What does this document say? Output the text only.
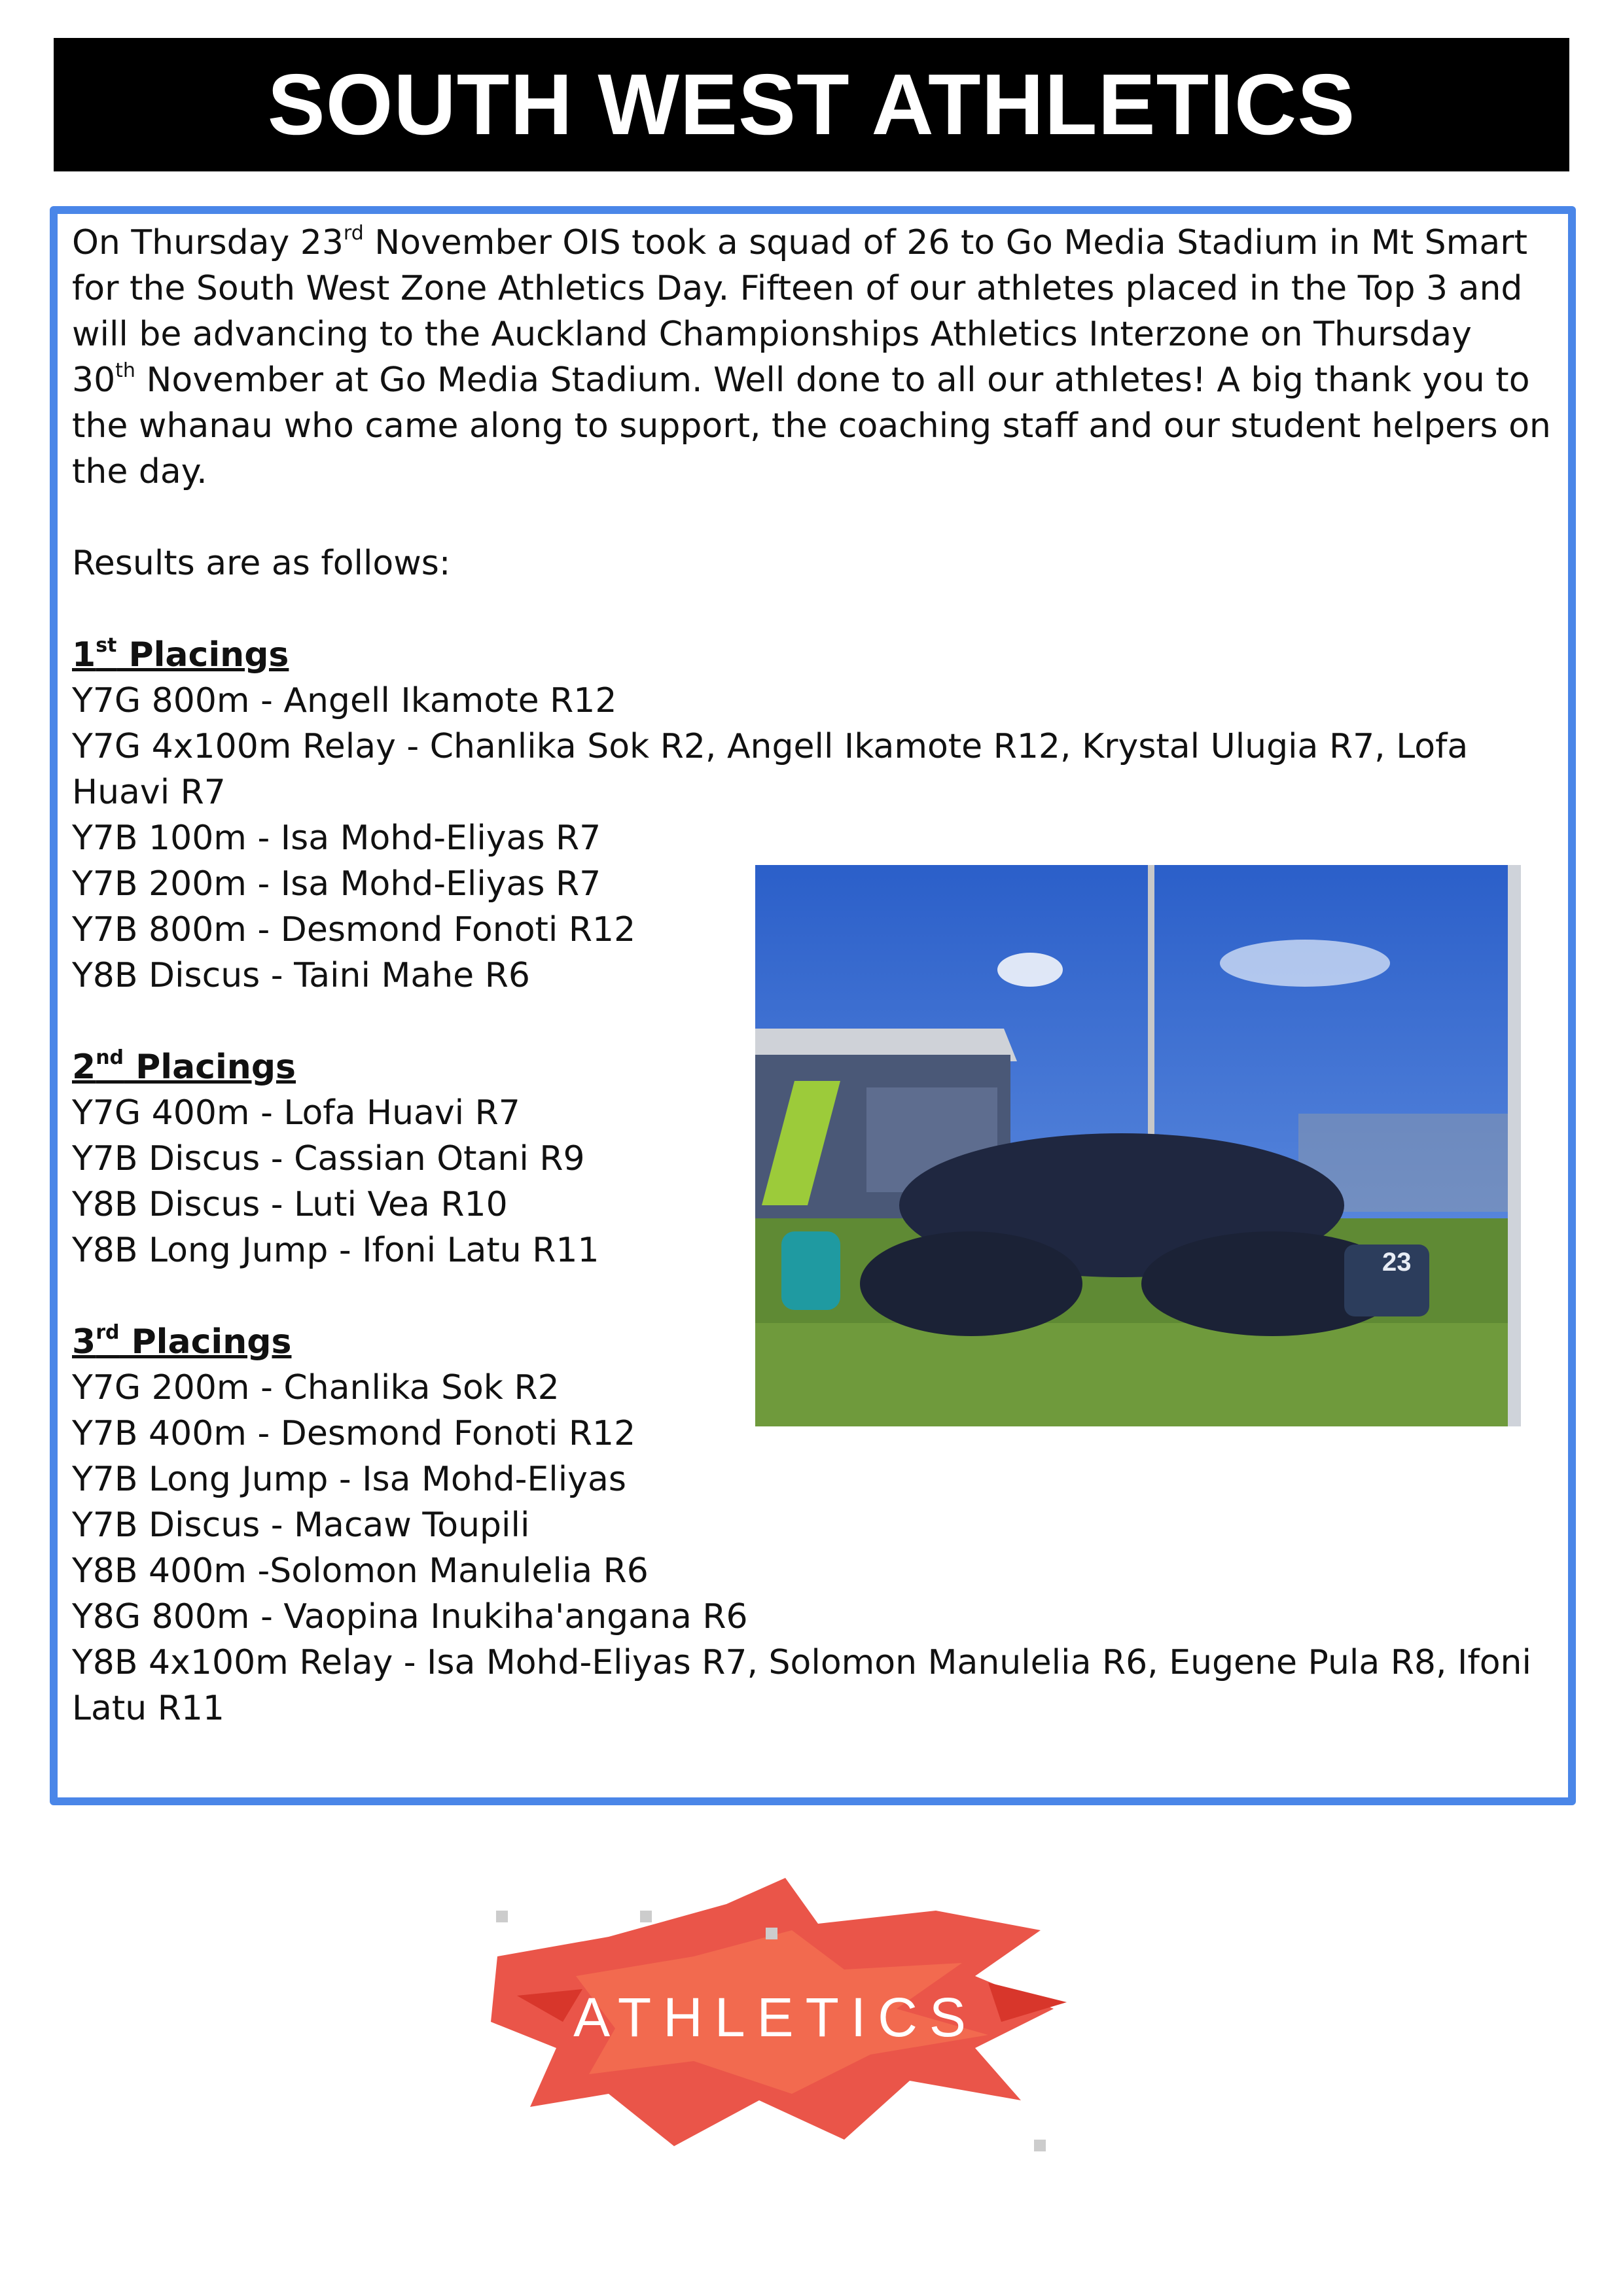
SOUTH WEST ATHLETICS

On Thursday 23rd November OIS took a squad of 26 to Go Media Stadium in Mt Smart for the South West Zone Athletics Day. Fifteen of our athletes placed in the Top 3 and will be advancing to the Auckland Championships Athletics Interzone on Thursday
30th November at Go Media Stadium. Well done to all our athletes! A big thank you to the whanau who came along to support, the coaching staff and our student helpers on the day.

Results are as follows:

1st Placings

Y7G 800m - Angell Ikamote R12

Y7G 4x100m Relay - Chanlika Sok R2, Angell Ikamote R12, Krystal Ulugia R7, Lofa Huavi R7

Y7B 100m - Isa Mohd-Eliyas R7

Y7B 200m - Isa Mohd-Eliyas R7

Y7B 800m - Desmond Fonoti R12

Y8B Discus - Taini Mahe R6

2nd Placings

Y7G 400m - Lofa Huavi R7

Y7B Discus - Cassian Otani R9

Y8B Discus - Luti Vea R10

Y8B Long Jump - Ifoni Latu R11

3rd Placings

Y7G 200m - Chanlika Sok R2

Y7B 400m - Desmond Fonoti R12

Y7B Long Jump - Isa Mohd-Eliyas

Y7B Discus - Macaw Toupili

Y8B 400m -Solomon Manulelia R6

Y8G 800m - Vaopina Inukiha'angana R6

Y8B 4x100m Relay - Isa Mohd-Eliyas R7, Solomon Manulelia R6, Eugene Pula R8, Ifoni Latu R11

23
ATHLETICS
